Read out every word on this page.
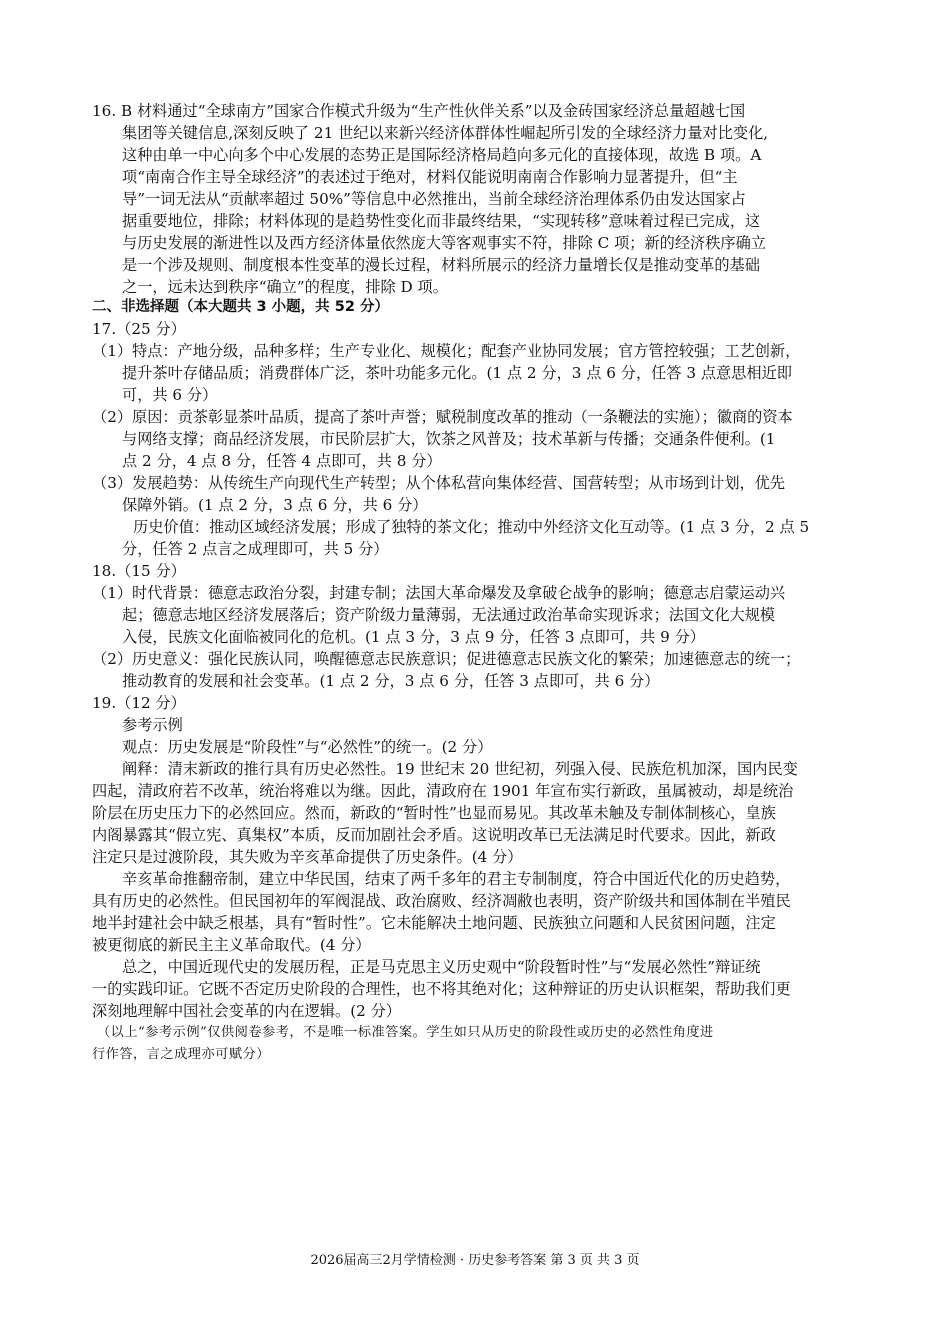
16. B 材料通过“全球南方”国家合作模式升级为“生产性伙伴关系”以及金砖国家经济总量超越七国
集团等关键信息,深刻反映了 21 世纪以来新兴经济体群体性崛起所引发的全球经济力量对比变化,
这种由单一中心向多个中心发展的态势正是国际经济格局趋向多元化的直接体现，故选 B 项。A
项“南南合作主导全球经济”的表述过于绝对，材料仅能说明南南合作影响力显著提升，但“主
导”一词无法从“贡献率超过 50%”等信息中必然推出，当前全球经济治理体系仍由发达国家占
据重要地位，排除；材料体现的是趋势性变化而非最终结果，“实现转移”意味着过程已完成，这
与历史发展的渐进性以及西方经济体量依然庞大等客观事实不符，排除 C 项；新的经济秩序确立
是一个涉及规则、制度根本性变革的漫长过程，材料所展示的经济力量增长仅是推动变革的基础
之一，远未达到秩序“确立”的程度，排除 D 项。
二、非选择题（本大题共 3 小题，共 52 分）
17.（25 分）
（1）特点：产地分级，品种多样；生产专业化、规模化；配套产业协同发展；官方管控较强；工艺创新，
提升茶叶存储品质；消费群体广泛，茶叶功能多元化。(1 点 2 分，3 点 6 分，任答 3 点意思相近即
可，共 6 分）
（2）原因：贡茶彰显茶叶品质，提高了茶叶声誉；赋税制度改革的推动（一条鞭法的实施）；徽商的资本
与网络支撑；商品经济发展，市民阶层扩大，饮茶之风普及；技术革新与传播；交通条件便利。(1
点 2 分，4 点 8 分，任答 4 点即可，共 8 分）
（3）发展趋势：从传统生产向现代生产转型；从个体私营向集体经营、国营转型；从市场到计划，优先
保障外销。(1 点 2 分，3 点 6 分，共 6 分）
历史价值：推动区域经济发展；形成了独特的茶文化；推动中外经济文化互动等。(1 点 3 分，2 点 5
分，任答 2 点言之成理即可，共 5 分）
18.（15 分）
（1）时代背景：德意志政治分裂，封建专制；法国大革命爆发及拿破仑战争的影响；德意志启蒙运动兴
起；德意志地区经济发展落后；资产阶级力量薄弱，无法通过政治革命实现诉求；法国文化大规模
入侵，民族文化面临被同化的危机。(1 点 3 分，3 点 9 分，任答 3 点即可，共 9 分）
（2）历史意义：强化民族认同，唤醒德意志民族意识；促进德意志民族文化的繁荣；加速德意志的统一；
推动教育的发展和社会变革。(1 点 2 分，3 点 6 分，任答 3 点即可，共 6 分）
19.（12 分）
参考示例
观点：历史发展是“阶段性”与“必然性”的统一。(2 分）
阐释：清末新政的推行具有历史必然性。19 世纪末 20 世纪初，列强入侵、民族危机加深，国内民变
四起，清政府若不改革，统治将难以为继。因此，清政府在 1901 年宣布实行新政，虽属被动，却是统治
阶层在历史压力下的必然回应。然而，新政的“暂时性”也显而易见。其改革未触及专制体制核心，皇族
内阁暴露其“假立宪、真集权”本质，反而加剧社会矛盾。这说明改革已无法满足时代要求。因此，新政
注定只是过渡阶段，其失败为辛亥革命提供了历史条件。(4 分）
辛亥革命推翻帝制，建立中华民国，结束了两千多年的君主专制制度，符合中国近代化的历史趋势，
具有历史的必然性。但民国初年的军阀混战、政治腐败、经济凋敝也表明，资产阶级共和国体制在半殖民
地半封建社会中缺乏根基，具有“暂时性”。它未能解决土地问题、民族独立问题和人民贫困问题，注定
被更彻底的新民主主义革命取代。(4 分）
总之，中国近现代史的发展历程，正是马克思主义历史观中“阶段暂时性”与“发展必然性”辩证统
一的实践印证。它既不否定历史阶段的合理性，也不将其绝对化；这种辩证的历史认识框架，帮助我们更
深刻地理解中国社会变革的内在逻辑。(2 分）
（以上“参考示例”仅供阅卷参考，不是唯一标准答案。学生如只从历史的阶段性或历史的必然性角度进
行作答，言之成理亦可赋分）
2026届高三2月学情检测 · 历史参考答案 第 3 页 共 3 页
